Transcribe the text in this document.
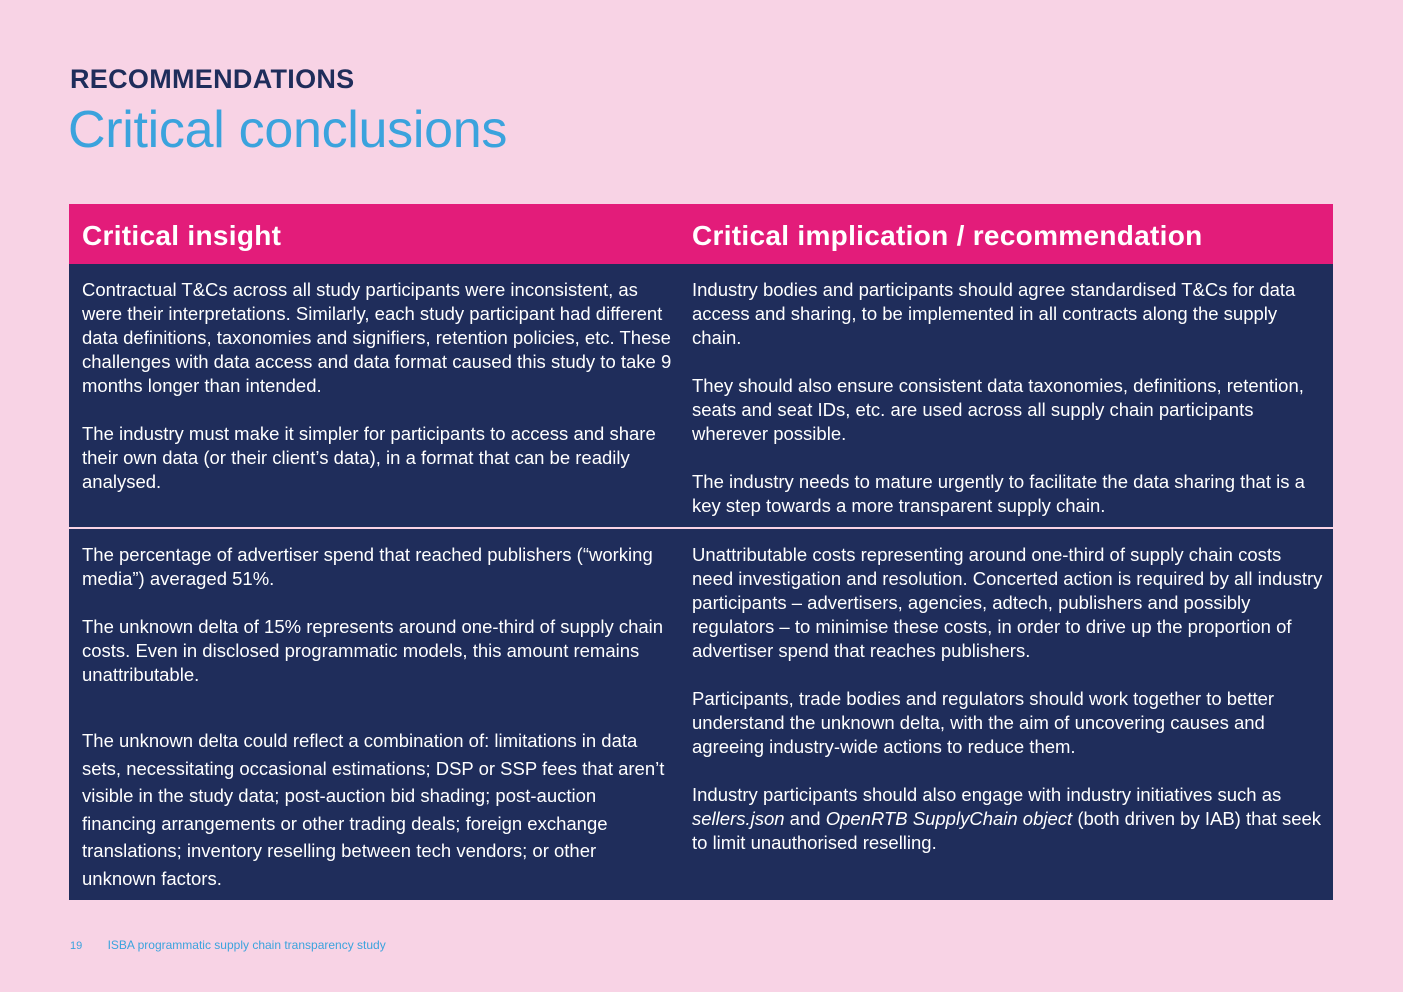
RECOMMENDATIONS
Critical conclusions
Critical insight	Critical implication / recommendation

Contractual T&Cs across all study participants were inconsistent, as were their interpretations. Similarly, each study participant had different data definitions, taxonomies and signifiers, retention policies, etc. These challenges with data access and data format caused this study to take 9 months longer than intended.

The industry must make it simpler for participants to access and share their own data (or their client’s data), in a format that can be readily analysed.

Industry bodies and participants should agree standardised T&Cs for data access and sharing, to be implemented in all contracts along the supply chain.

They should also ensure consistent data taxonomies, definitions, retention, seats and seat IDs, etc. are used across all supply chain participants wherever possible.

The industry needs to mature urgently to facilitate the data sharing that is a key step towards a more transparent supply chain.

The percentage of advertiser spend that reached publishers (“working media”) averaged 51%.

The unknown delta of 15% represents around one-third of supply chain costs. Even in disclosed programmatic models, this amount remains unattributable.

The unknown delta could reflect a combination of: limitations in data sets, necessitating occasional estimations; DSP or SSP fees that aren’t visible in the study data; post-auction bid shading; post-auction financing arrangements or other trading deals; foreign exchange translations; inventory reselling between tech vendors; or other unknown factors.

Unattributable costs representing around one-third of supply chain costs need investigation and resolution. Concerted action is required by all industry participants – advertisers, agencies, adtech, publishers and possibly regulators – to minimise these costs, in order to drive up the proportion of advertiser spend that reaches publishers.

Participants, trade bodies and regulators should work together to better understand the unknown delta, with the aim of uncovering causes and agreeing industry-wide actions to reduce them.

Industry participants should also engage with industry initiatives such as sellers.json and OpenRTB SupplyChain object (both driven by IAB) that seek to limit unauthorised reselling.

19 ISBA programmatic supply chain transparency study
